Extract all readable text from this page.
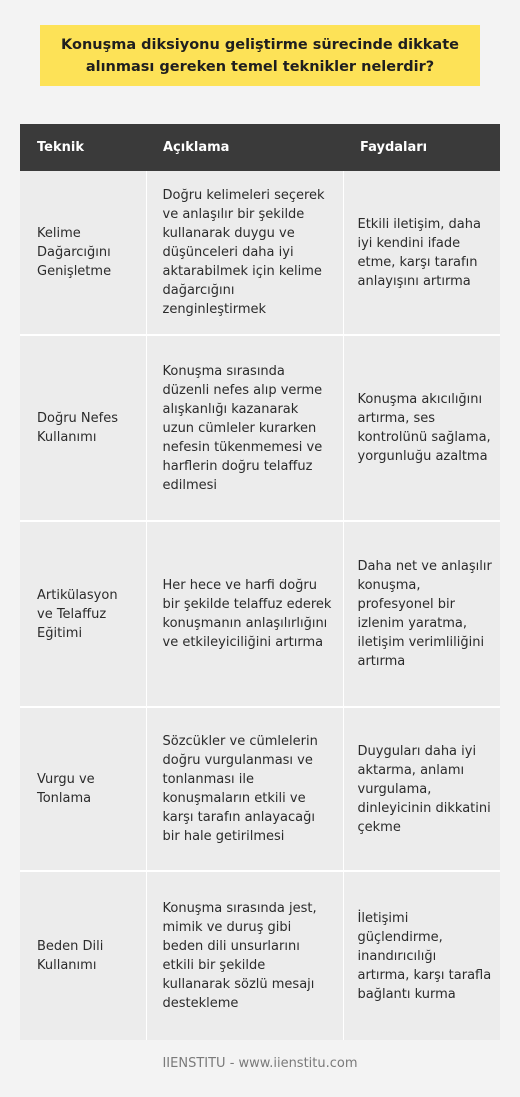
Konuşma diksiyonu geliştirme sürecinde dikkate alınması gereken temel teknikler nelerdir?
Teknik	Açıklama	Faydaları
Kelime Dağarcığını Genişletme	Doğru kelimeleri seçerek ve anlaşılır bir şekilde kullanarak duygu ve düşünceleri daha iyi aktarabilmek için kelime dağarcığını zenginleştirmek	Etkili iletişim, daha iyi kendini ifade etme, karşı tarafın anlayışını artırma
Doğru Nefes Kullanımı	Konuşma sırasında düzenli nefes alıp verme alışkanlığı kazanarak uzun cümleler kurarken nefesin tükenmemesi ve harflerin doğru telaffuz edilmesi	Konuşma akıcılığını artırma, ses kontrolünü sağlama, yorgunluğu azaltma
Artikülasyon ve Telaffuz Eğitimi	Her hece ve harfi doğru bir şekilde telaffuz ederek konuşmanın anlaşılırlığını ve etkileyiciliğini artırma	Daha net ve anlaşılır konuşma, profesyonel bir izlenim yaratma, iletişim verimliliğini artırma
Vurgu ve Tonlama	Sözcükler ve cümlelerin doğru vurgulanması ve tonlanması ile konuşmaların etkili ve karşı tarafın anlayacağı bir hale getirilmesi	Duyguları daha iyi aktarma, anlamı vurgulama, dinleyicinin dikkatini çekme
Beden Dili Kullanımı	Konuşma sırasında jest, mimik ve duruş gibi beden dili unsurlarını etkili bir şekilde kullanarak sözlü mesajı destekleme	İletişimi güçlendirme, inandırıcılığı artırma, karşı tarafla bağlantı kurma
IIENSTITU - www.iienstitu.com
